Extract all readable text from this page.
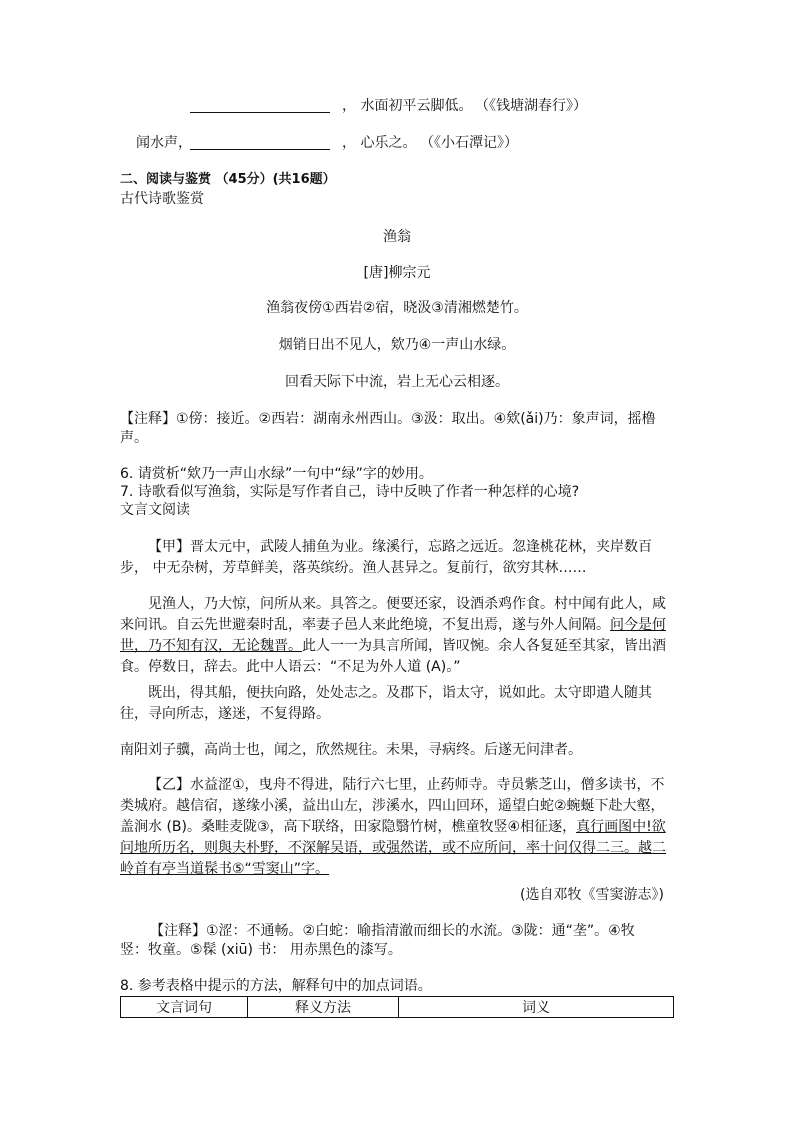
， 水面初平云脚低。 （《钱塘湖春行》）
闻水声，	， 心乐之。 （《小石潭记》）
二、阅读与鉴赏 （45分）(共16题）
古代诗歌鉴赏
渔翁
[唐]柳宗元
渔翁夜傍①西岩②宿，晓汲③清湘燃楚竹。
烟销日出不见人，欸乃④一声山水绿。
回看天际下中流，岩上无心云相逐。
【注释】①傍：接近。②西岩：湖南永州西山。③汲：取出。④欸(ǎi)乃：象声词，摇橹
声。
6. 请赏析“欸乃一声山水绿”一句中“绿”字的妙用。
7. 诗歌看似写渔翁，实际是写作者自己，诗中反映了作者一种怎样的心境?
文言文阅读
【甲】晋太元中，武陵人捕鱼为业。缘溪行，忘路之远近。忽逢桃花林，夹岸数百步， 中无杂树，芳草鲜美，落英缤纷。渔人甚异之。复前行，欲穷其林……
见渔人，乃大惊，问所从来。具答之。便要还家，设酒杀鸡作食。村中闻有此人，咸来问讯。自云先世避秦时乱，率妻子邑人来此绝境，不复出焉，遂与外人间隔。问今是何世，乃不知有汉，无论魏晋。此人一一为具言所闻，皆叹惋。余人各复延至其家，皆出酒食。停数日，辞去。此中人语云：“不足为外人道 (A)。”
既出，得其船，便扶向路，处处志之。及郡下，诣太守，说如此。太守即遣人随其往，寻向所志，遂迷，不复得路。
南阳刘子骥，高尚士也，闻之，欣然规往。未果，寻病终。后遂无问津者。
【乙】水益涩①，曳舟不得进，陆行六七里，止药师寺。寺员紫芝山，僧多读书，不类城府。越信宿，遂缘小溪，益出山左，涉溪水，四山回环，遥望白蛇②蜿蜒下赴大壑，盖涧水 (B)。桑畦麦陇③，高下联络，田家隐翳竹树，樵童牧竖④相征逐，真行画图中!欲问地所历名，则與夫朴野，不深解吴语，或强然诺，或不应所问，率十问仅得二三。越二岭首有亭当道髹书⑤“雪窦山”字。
(选自邓牧《雪窦游志》)
【注释】①涩：不通畅。②白蛇：喻指清澈而细长的水流。③陇：通“垄”。④牧
竖：牧童。⑤髹 (xiū) 书： 用赤黑色的漆写。
8. 参考表格中提示的方法，解释句中的加点词语。
文言词句	释义方法	词义
